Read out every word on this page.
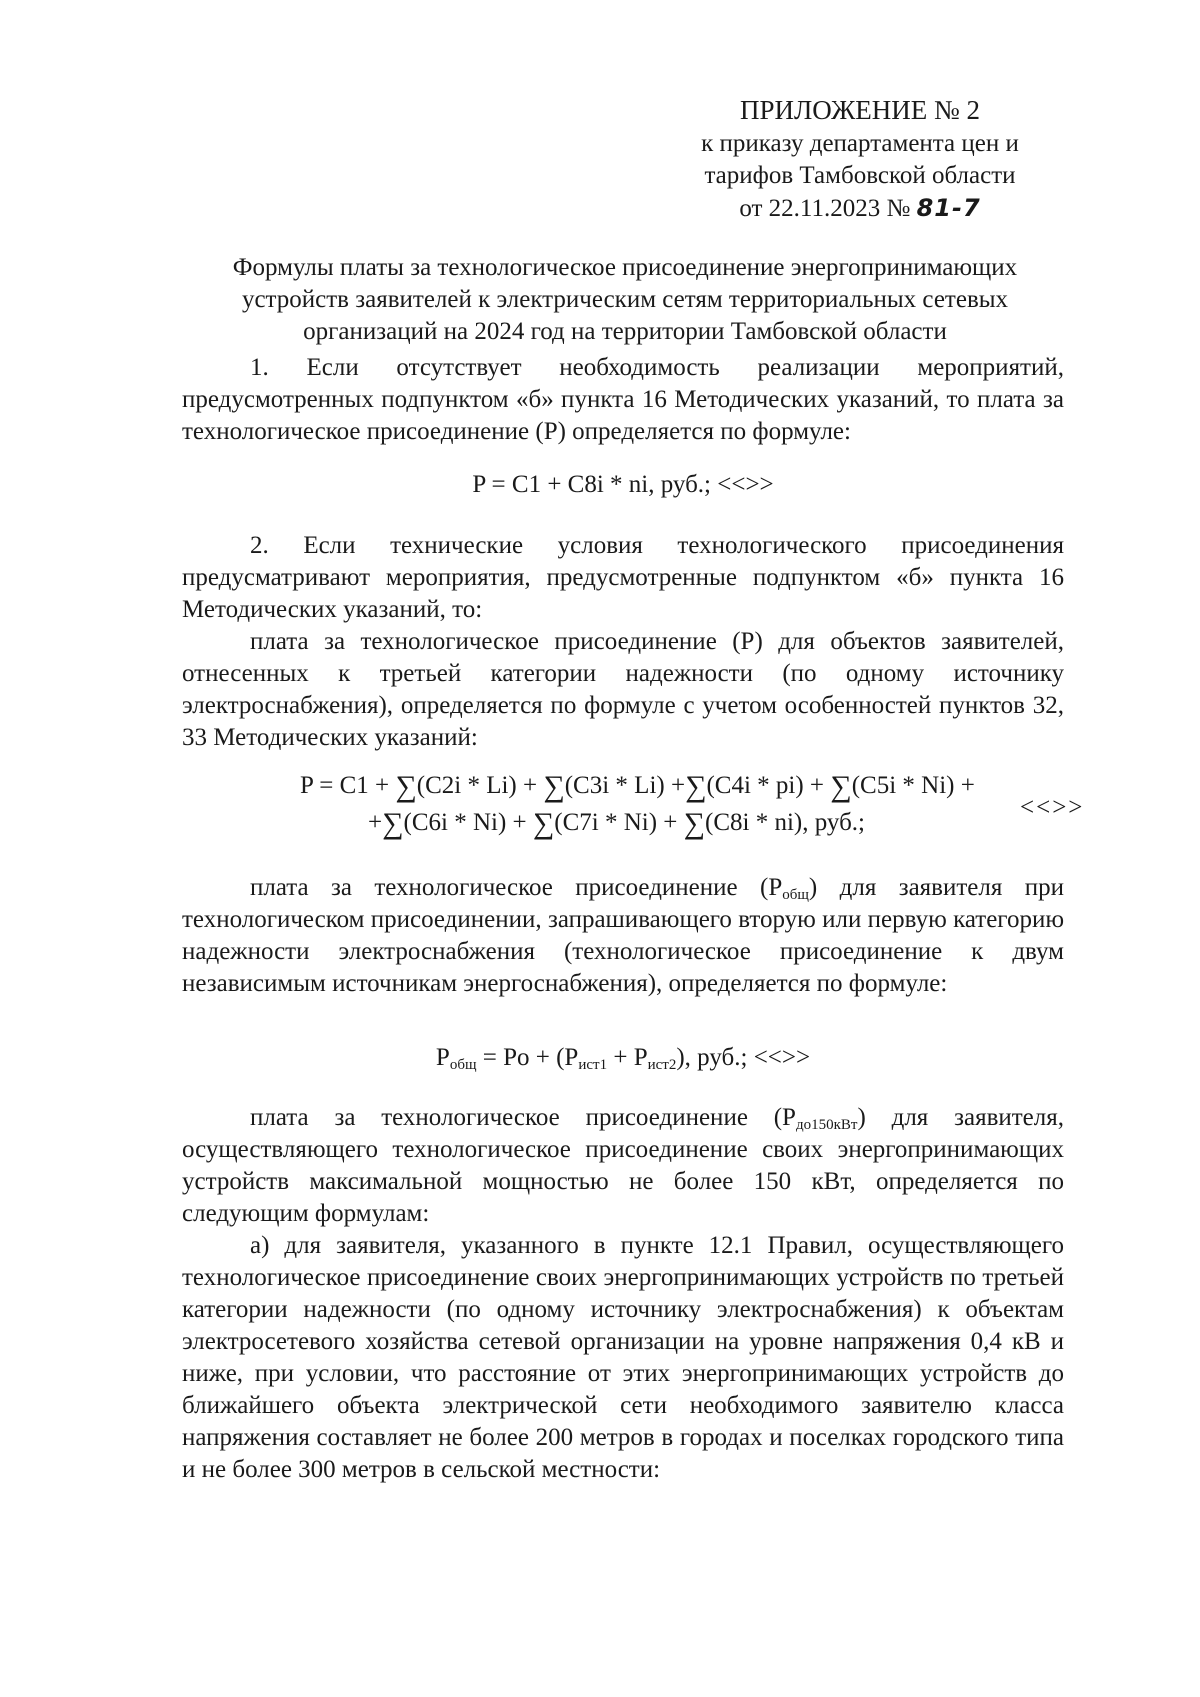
ПРИЛОЖЕНИЕ № 2
к приказу департамента цен и
тарифов Тамбовской области
от 22.11.2023 № 81-7
Формулы платы за технологическое присоединение энергопринимающих
устройств заявителей к электрическим сетям территориальных сетевых
организаций на 2024 год на территории Тамбовской области

1. Если отсутствует необходимость реализации мероприятий, предусмотренных подпунктом «б» пункта 16 Методических указаний, то плата за технологическое присоединение (Р) определяется по формуле:

P = C1 + C8i * ni, руб.; <<>>

2. Если технические условия технологического присоединения предусматривают мероприятия, предусмотренные подпунктом «б» пункта 16 Методических указаний, то:

плата за технологическое присоединение (Р) для объектов заявителей, отнесенных к третьей категории надежности (по одному источнику электроснабжения), определяется по формуле с учетом особенностей пунктов 32, 33 Методических указаний:

P = C1 + ∑(C2i * Li) + ∑(C3i * Li) +∑(C4i * pi) + ∑(C5i * Ni) +
+∑(C6i * Ni) + ∑(C7i * Ni) + ∑(C8i * ni), руб.;
<<>>

плата за технологическое присоединение $(Р_{общ})$ для заявителя при технологическом присоединении, запрашивающего вторую или первую категорию надежности электроснабжения (технологическое присоединение к двум независимым источникам энергоснабжения), определяется по формуле:

$P_{общ} = Po + (P_{ист1} + P_{ист2})$, руб.; <<>>

плата за технологическое присоединение $(Р_{до150кВт})$ для заявителя, осуществляющего технологическое присоединение своих энергопринимающих устройств максимальной мощностью не более 150 кВт, определяется по следующим формулам:

а) для заявителя, указанного в пункте 12.1 Правил, осуществляющего технологическое присоединение своих энергопринимающих устройств по третьей категории надежности (по одному источнику электроснабжения) к объектам электросетевого хозяйства сетевой организации на уровне напряжения 0,4 кВ и ниже, при условии, что расстояние от этих энергопринимающих устройств до ближайшего объекта электрической сети необходимого заявителю класса напряжения составляет не более 200 метров в городах и поселках городского типа и не более 300 метров в сельской местности:
